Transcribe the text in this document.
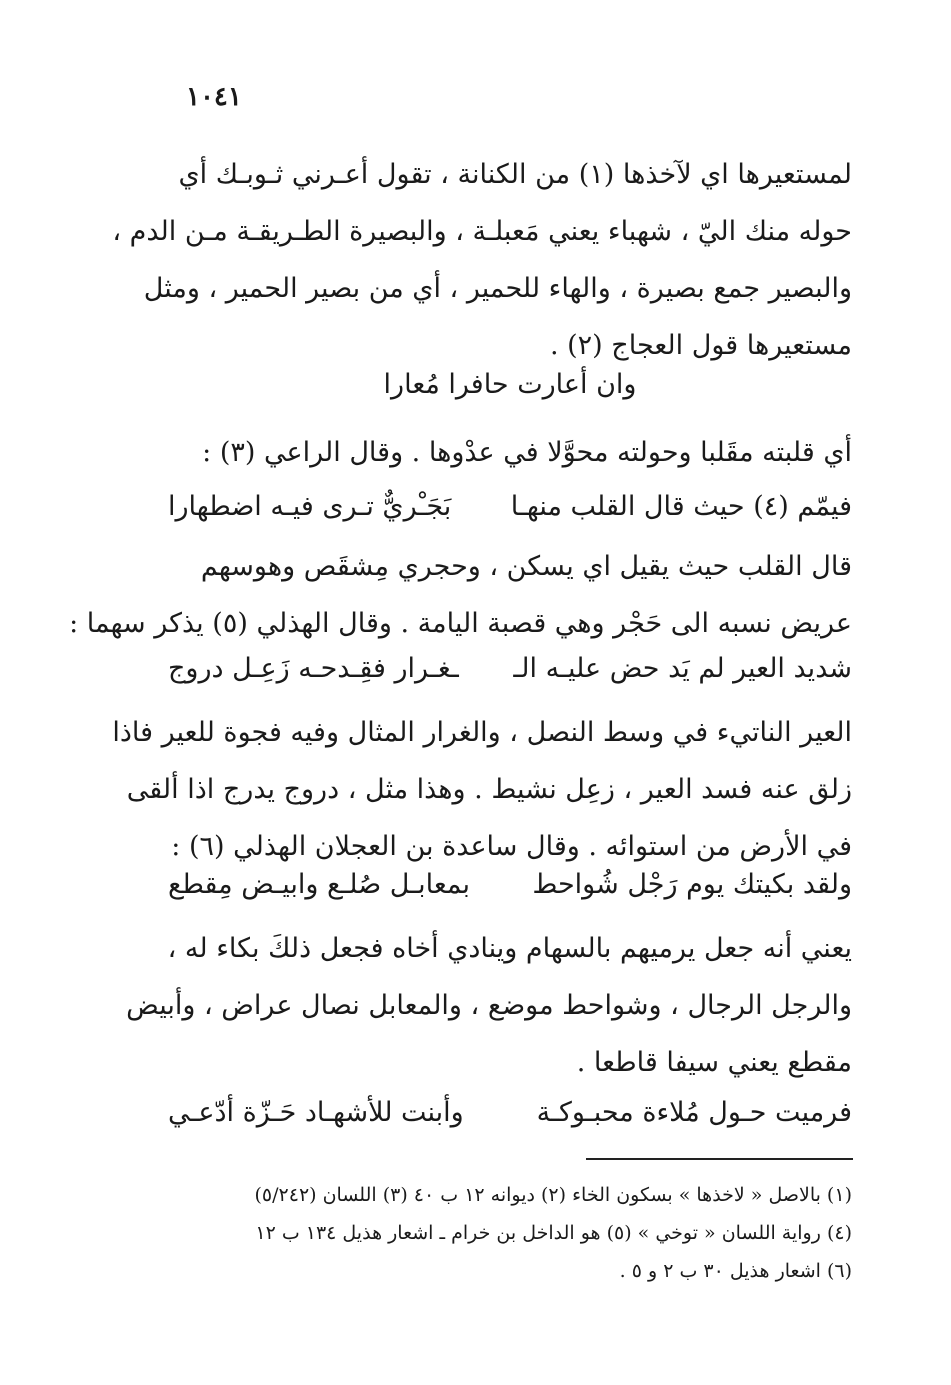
١٠٤١
لمستعيرها اي لآخذها (١) من الكنانة ، تقول أعـرني ثـوبـك أي
حوله منك اليّ ، شهباء يعني مَعبلـة ، والبصيرة الطـريقـة مـن الدم ،
والبصير جمع بصيرة ، والهاء للحمير ، أي من بصير الحمير ، ومثل
مستعيرها قول العجاج (٢) .
وان أعارت حافرا مُعارا
أي قلبته مقَلبا وحولته محوَّلا في عدْوها . وقال الراعي (٣) :
فيمّم (٤) حيث قال القلب منهـا
بَجَـْريٌّ تـرى فيـه اضطهارا
قال القلب حيث يقيل اي يسكن ، وحجري مِشقَص وهوسهم
عريض نسبه الى حَجْر وهي قصبة اليامة . وقال الهذلي (٥) يذكر سهما :
شديد العير لم يَد حض عليـه الـ
ـغـرار فقِـدحـه زَعِـل دروج
العير الناتيء في وسط النصل ، والغرار المثال وفيه فجوة للعير فاذا
زلق عنه فسد العير ، زعِل نشيط . وهذا مثل ، دروج يدرج اذا ألقى
في الأرض من استوائه . وقال ساعدة بن العجلان الهذلي (٦) :
ولقد بكيتك يوم رَجْل شُواحط
بمعابـل صُلـع وابيـض مِقطع
يعني أنه جعل يرميهم بالسهام وينادي أخاه فجعل ذلكَ بكاء له ،
والرجل الرجال ، وشواحط موضع ، والمعابل نصال عراض ، وأبيض
مقطع يعني سيفا قاطعا .
فرميت حـول مُلاءة محبـوكـة
وأبنت للأشهـاد حَـزّة أدّعـي
(١) بالاصل « لاخذها » بسكون الخاء (٢) ديوانه ١٢ ب ٤٠ (٣) اللسان (٥/٢٤٢)
(٤) رواية اللسان « توخي » (٥) هو الداخل بن خرام ـ اشعار هذيل ١٣٤ ب ١٢
(٦) اشعار هذيل ٣٠ ب ٢ و ٥ .
